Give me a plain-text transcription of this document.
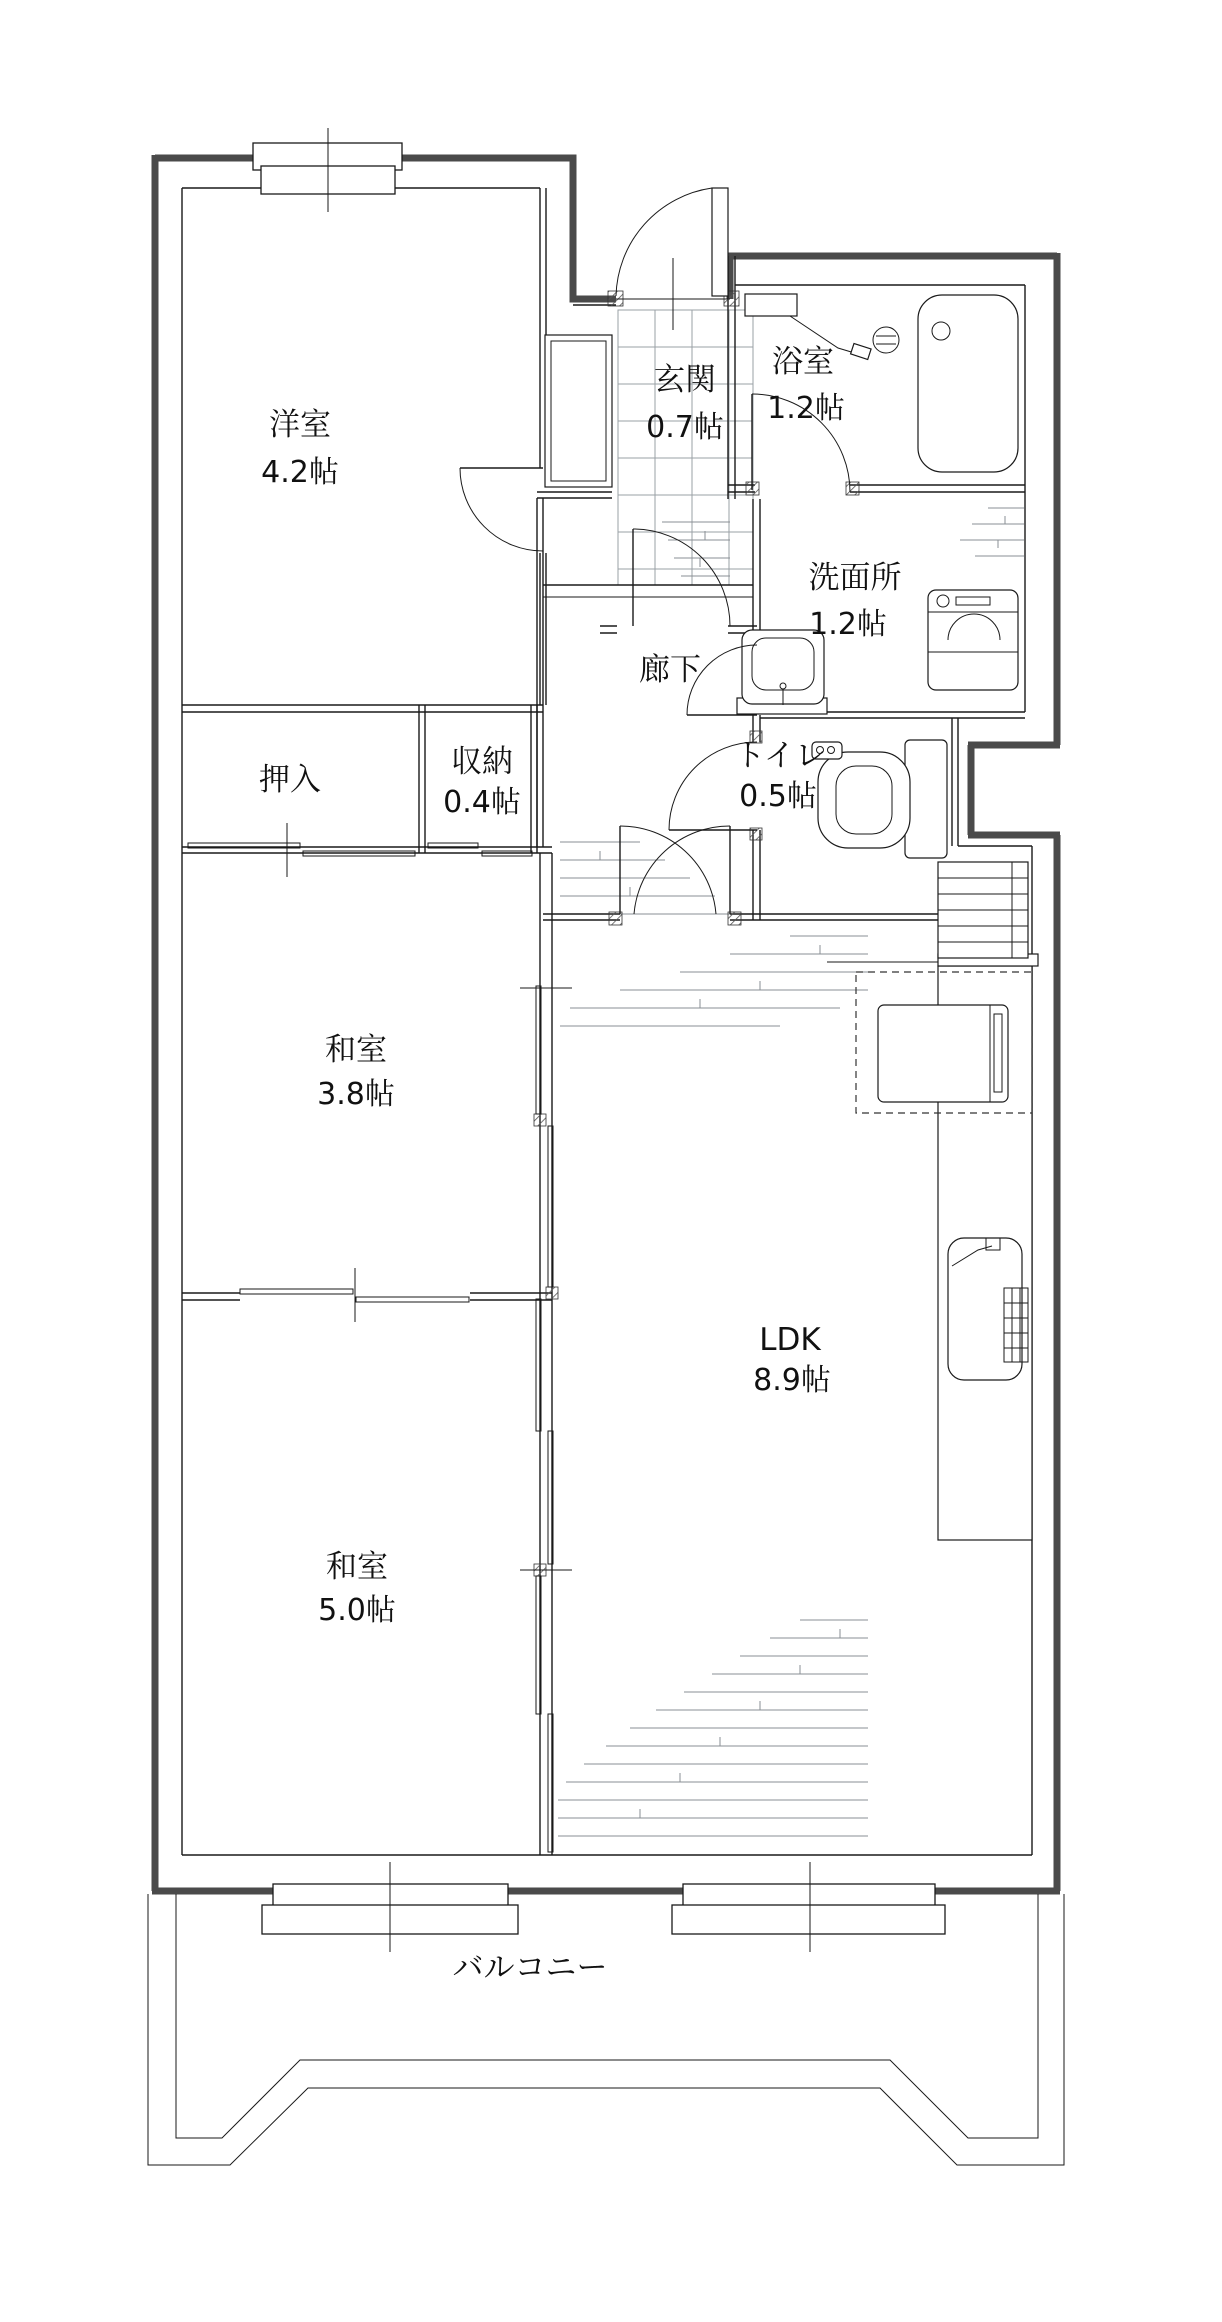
洋室
4.2帖
玄関
0.7帖
浴室
1.2帖
洗面所
1.2帖
廊下
押入	収納
0.4帖
トイレ
0.5帖
和室
3.8帖
LDK
8.9帖
和室
5.0帖
バルコニー
